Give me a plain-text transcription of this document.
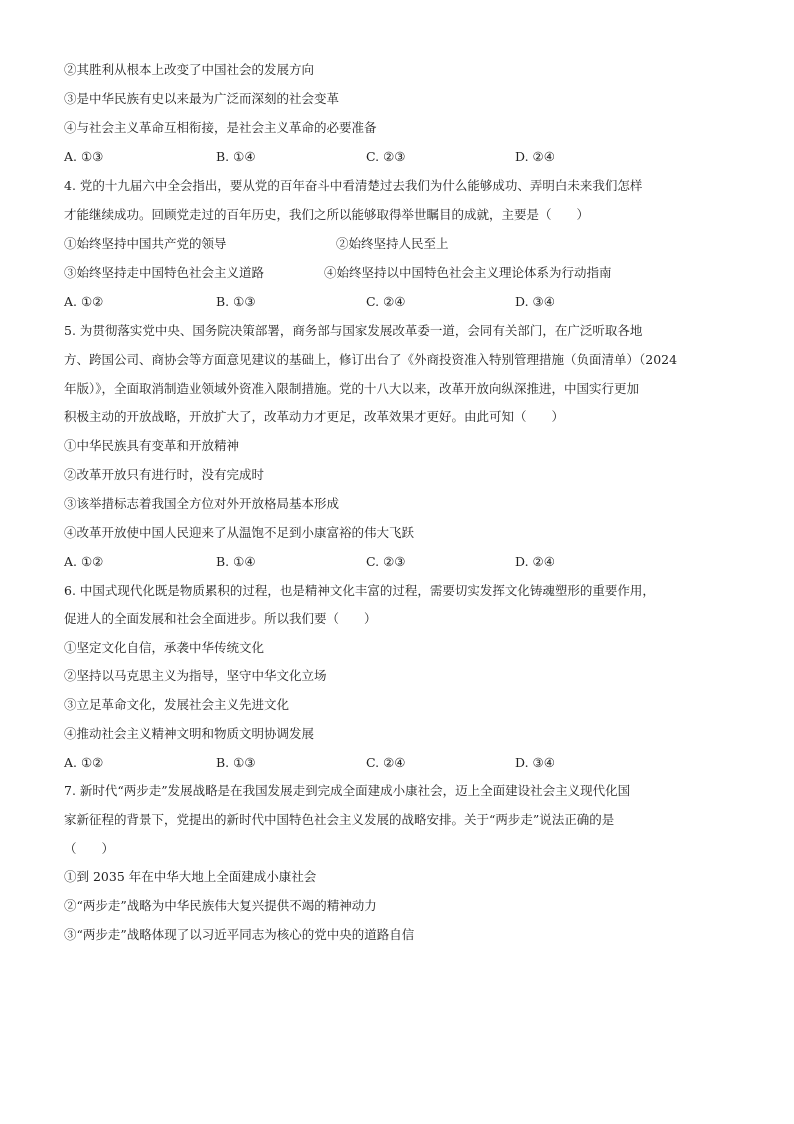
②其胜利从根本上改变了中国社会的发展方向
③是中华民族有史以来最为广泛而深刻的社会变革
④与社会主义革命互相衔接，是社会主义革命的必要准备
A. ①③	B. ①④	C. ②③	D. ②④
4. 党的十九届六中全会指出，要从党的百年奋斗中看清楚过去我们为什么能够成功、弄明白未来我们怎样
才能继续成功。回顾党走过的百年历史，我们之所以能够取得举世瞩目的成就，主要是（　　）
①始终坚持中国共产党的领导	②始终坚持人民至上
③始终坚持走中国特色社会主义道路	④始终坚持以中国特色社会主义理论体系为行动指南
A. ①②	B. ①③	C. ②④	D. ③④
5. 为贯彻落实党中央、国务院决策部署，商务部与国家发展改革委一道，会同有关部门，在广泛听取各地
方、跨国公司、商协会等方面意见建议的基础上，修订出台了《外商投资准入特别管理措施（负面清单）（2024
年版）》，全面取消制造业领域外资准入限制措施。党的十八大以来，改革开放向纵深推进，中国实行更加
积极主动的开放战略，开放扩大了，改革动力才更足，改革效果才更好。由此可知（　　）
①中华民族具有变革和开放精神
②改革开放只有进行时，没有完成时
③该举措标志着我国全方位对外开放格局基本形成
④改革开放使中国人民迎来了从温饱不足到小康富裕的伟大飞跃
A. ①②	B. ①④	C. ②③	D. ②④
6. 中国式现代化既是物质累积的过程，也是精神文化丰富的过程，需要切实发挥文化铸魂塑形的重要作用，
促进人的全面发展和社会全面进步。所以我们要（　　）
①坚定文化自信，承袭中华传统文化
②坚持以马克思主义为指导，坚守中华文化立场
③立足革命文化，发展社会主义先进文化
④推动社会主义精神文明和物质文明协调发展
A. ①②	B. ①③	C. ②④	D. ③④
7. 新时代“两步走”发展战略是在我国发展走到完成全面建成小康社会，迈上全面建设社会主义现代化国
家新征程的背景下，党提出的新时代中国特色社会主义发展的战略安排。关于“两步走”说法正确的是
（　　）
①到 2035 年在中华大地上全面建成小康社会
②“两步走”战略为中华民族伟大复兴提供不竭的精神动力
③“两步走”战略体现了以习近平同志为核心的党中央的道路自信
